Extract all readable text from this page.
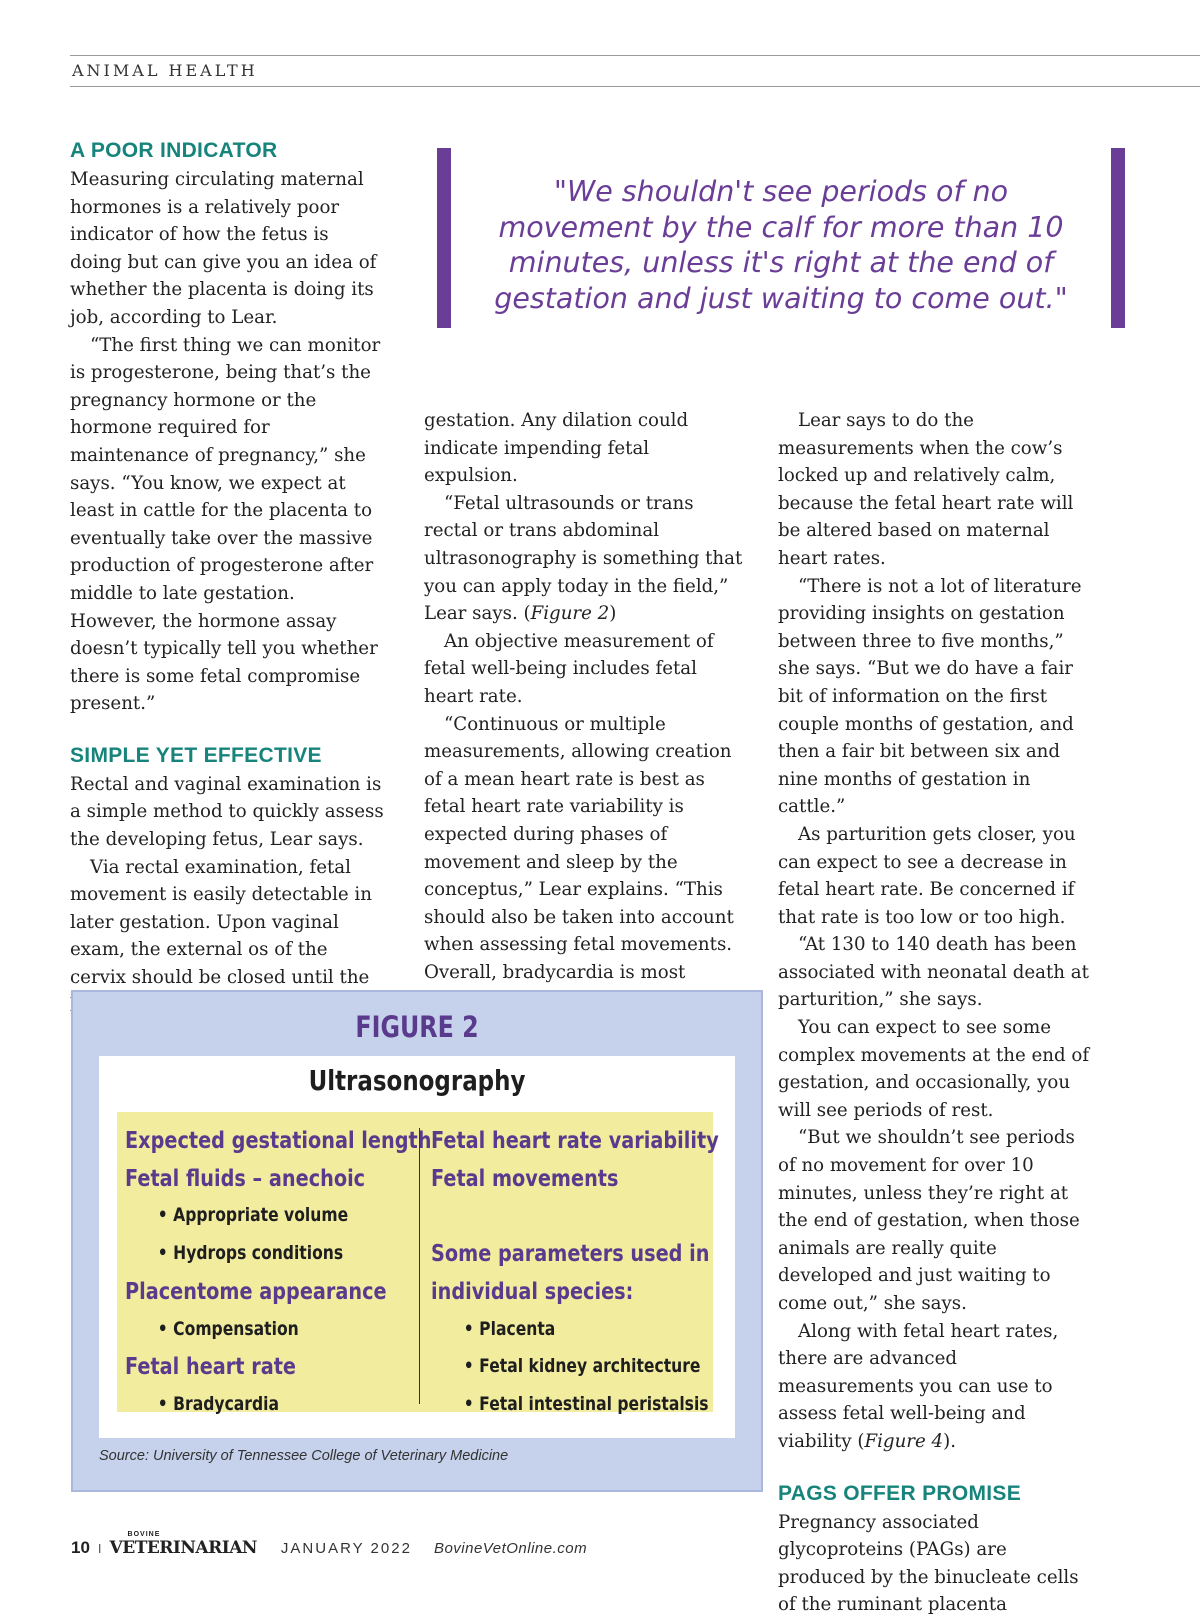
ANIMAL HEALTH
A POOR INDICATOR

Measuring circulating maternal hormones is a relatively poor indicator of how the fetus is doing but can give you an idea of whether the placenta is doing its job, according to Lear.

“The first thing we can monitor is progesterone, being that’s the pregnancy hormone or the hormone required for maintenance of pregnancy,” she says. “You know, we expect at least in cattle for the placenta to eventually take over the massive production of progesterone after middle to late gestation. However, the hormone assay doesn’t typically tell you whether there is some fetal compromise present.”

SIMPLE YET EFFECTIVE

Rectal and vaginal examination is a simple method to quickly assess the developing fetus, Lear says.

Via rectal examination, fetal movement is easily detectable in later gestation. Upon vaginal exam, the external os of the cervix should be closed until the

"We shouldn't see periods of no movement by the calf for more than 10 minutes, unless it's right at the end of gestation and just waiting to come out."

gestation. Any dilation could indicate impending fetal expulsion.

“Fetal ultrasounds or trans rectal or trans abdominal ultrasonography is something that you can apply today in the field,” Lear says. (Figure 2)

An objective measurement of fetal well-being includes fetal heart rate.

“Continuous or multiple measurements, allowing creation of a mean heart rate is best as fetal heart rate variability is expected during phases of movement and sleep by the conceptus,” Lear explains. “This should also be taken into account when assessing fetal movements. Overall, bradycardia is most

Lear says to do the measurements when the cow’s locked up and relatively calm, because the fetal heart rate will be altered based on maternal heart rates.

“There is not a lot of literature providing insights on gestation between three to five months,” she says. “But we do have a fair bit of information on the first couple months of gestation, and then a fair bit between six and nine months of gestation in cattle.”

As parturition gets closer, you can expect to see a decrease in fetal heart rate. Be concerned if that rate is too low or too high.

“At 130 to 140 death has been associated with neonatal death at parturition,” she says.

You can expect to see some complex movements at the end of gestation, and occasionally, you will see periods of rest.

“But we shouldn’t see periods of no movement for over 10 minutes, unless they’re right at the end of gestation, when those animals are really quite developed and just waiting to come out,” she says.

Along with fetal heart rates, there are advanced measurements you can use to assess fetal well-being and viability (Figure 4).

PAGS OFFER PROMISE

Pregnancy associated glycoproteins (PAGs) are produced by the binucleate cells of the ruminant placenta

FIGURE 2
Ultrasonography
Expected gestational length
Fetal fluids – anechoic
• Appropriate volume
• Hydrops conditions
Placentome appearance
• Compensation
Fetal heart rate
• Bradycardia
Fetal heart rate variability
Fetal movements
Some parameters used in
individual species:
• Placenta
• Fetal kidney architecture
• Fetal intestinal peristalsis
Source: University of Tennessee College of Veterinary Medicine
10 I
BOVINE
VETERINARIAN JANUARY 2022 BovineVetOnline.com
